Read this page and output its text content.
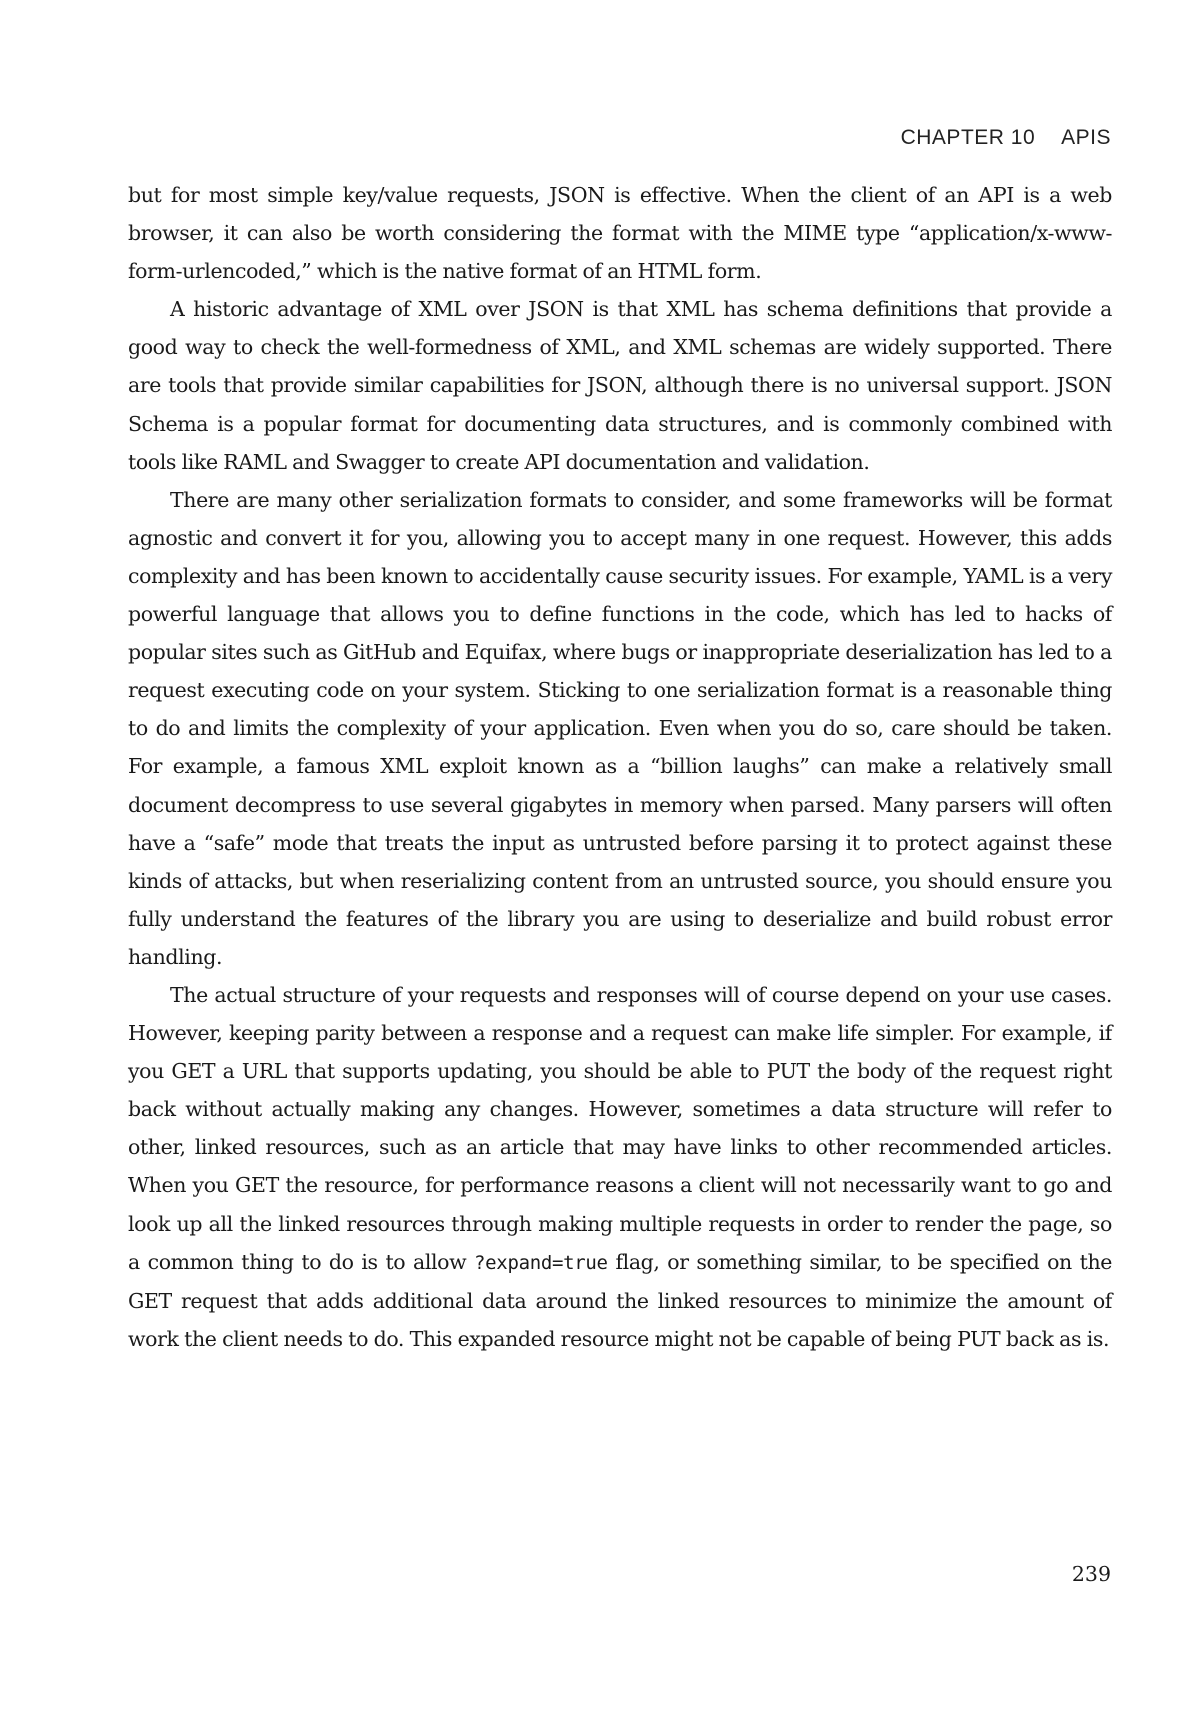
CHAPTER 10 APIS

but for most simple key/value requests, JSON is effective. When the client of an API is a web browser, it can also be worth considering the format with the MIME type “application/x-www-form-urlencoded,” which is the native format of an HTML form.

A historic advantage of XML over JSON is that XML has schema definitions that provide a good way to check the well-formedness of XML, and XML schemas are widely supported. There are tools that provide similar capabilities for JSON, although there is no universal support. JSON Schema is a popular format for documenting data structures, and is commonly combined with tools like RAML and Swagger to create API documentation and validation.

There are many other serialization formats to consider, and some frameworks will be format agnostic and convert it for you, allowing you to accept many in one request. However, this adds complexity and has been known to accidentally cause security issues. For example, YAML is a very powerful language that allows you to define functions in the code, which has led to hacks of popular sites such as GitHub and Equifax, where bugs or inappropriate deserialization has led to a request executing code on your system. Sticking to one serialization format is a reasonable thing to do and limits the complexity of your application. Even when you do so, care should be taken. For example, a famous XML exploit known as a “billion laughs” can make a relatively small document decompress to use several gigabytes in memory when parsed. Many parsers will often have a “safe” mode that treats the input as untrusted before parsing it to protect against these kinds of attacks, but when reserializing content from an untrusted source, you should ensure you fully understand the features of the library you are using to deserialize and build robust error handling.

The actual structure of your requests and responses will of course depend on your use cases. However, keeping parity between a response and a request can make life simpler. For example, if you GET a URL that supports updating, you should be able to PUT the body of the request right back without actually making any changes. However, sometimes a data structure will refer to other, linked resources, such as an article that may have links to other recommended articles. When you GET the resource, for performance reasons a client will not necessarily want to go and look up all the linked resources through making multiple requests in order to render the page, so a common thing to do is to allow ?expand=true flag, or something similar, to be specified on the GET request that adds additional data around the linked resources to minimize the amount of work the client needs to do. This expanded resource might not be capable of being PUT back as is.

239
